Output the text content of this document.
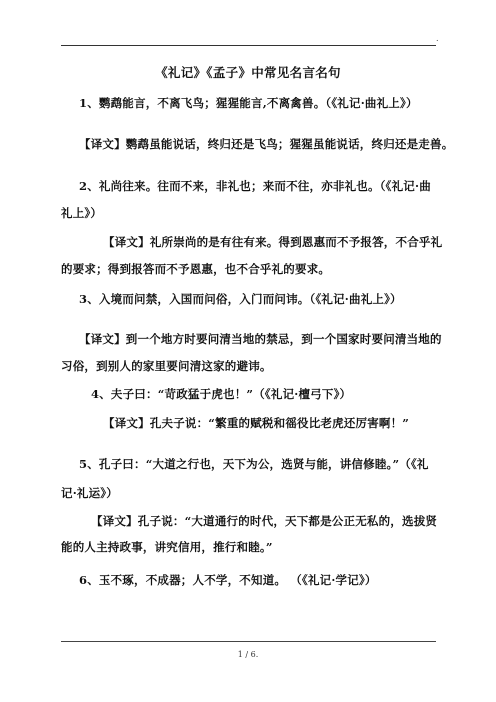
.
《礼记》《孟子》中常见名言名句
1、鹦鹉能言，不离飞鸟；猩猩能言,不离禽兽。（《礼记·曲礼上》）
【译文】鹦鹉虽能说话，终归还是飞鸟；猩猩虽能说话，终归还是走兽。
2、礼尚往来。往而不来，非礼也；来而不往，亦非礼也。（《礼记·曲
礼上》）
【译文】礼所崇尚的是有往有来。得到恩惠而不予报答，不合乎礼
的要求；得到报答而不予恩惠，也不合乎礼的要求。
3、入境而问禁，入国而问俗，入门而问讳。（《礼记·曲礼上》）
【译文】到一个地方时要问清当地的禁忌，到一个国家时要问清当地的
习俗，到别人的家里要问清这家的避讳。
4、夫子曰：“苛政猛于虎也！”（《礼记·檀弓下》）
【译文】孔夫子说：“繁重的赋税和徭役比老虎还厉害啊！”
5、孔子曰：“大道之行也，天下为公，选贤与能，讲信修睦。”（《礼
记·礼运》）
【译文】孔子说：“大道通行的时代，天下都是公正无私的，选拔贤
能的人主持政事，讲究信用，推行和睦。”
6、玉不琢，不成器；人不学，不知道。 （《礼记·学记》）
1 / 6.
